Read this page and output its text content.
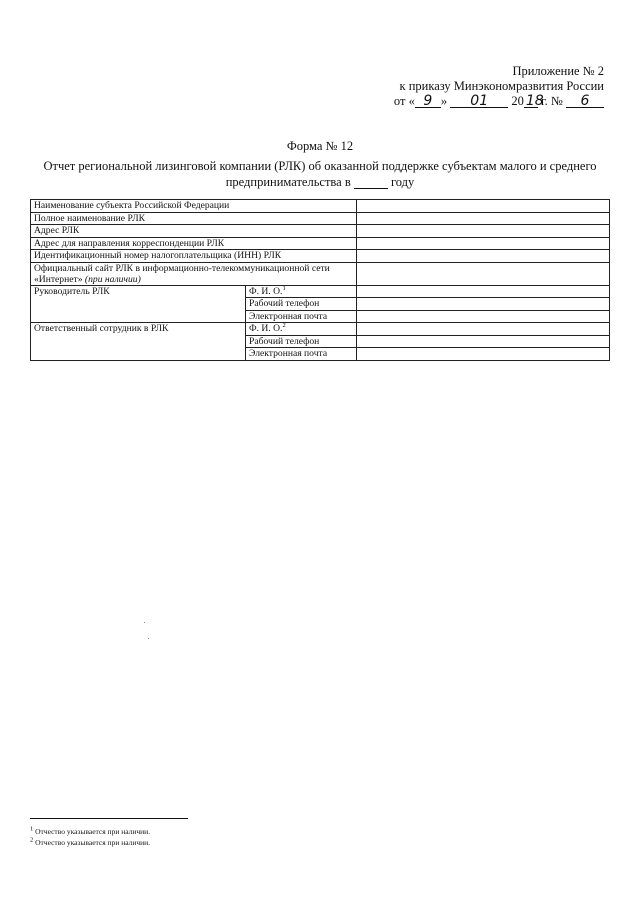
Приложение № 2
к приказу Минэкономразвития России
от « 9 » 01 20 18 г. № 6
Форма № 12
Отчет региональной лизинговой компании (РЛК) об оказанной поддержке субъектам малого и среднего
предпринимательства в	году
Наименование субъекта Российской Федерации		
Полное наименование РЛК		
Адрес РЛК		
Адрес для направления корреспонденции РЛК		
Идентификационный номер налогоплательщика (ИНН) РЛК		
Официальный сайт РЛК в информационно-телекоммуникационной сети «Интернет» (при наличии)		
Руководитель РЛК	Ф. И. О.$^1$	
	Рабочий телефон	
	Электронная почта	
Ответственный сотрудник в РЛК	Ф. И. О.$^2$	
	Рабочий телефон	
	Электронная почта	
$^1$ Отчество указывается при наличии.
$^2$ Отчество указывается при наличии.
